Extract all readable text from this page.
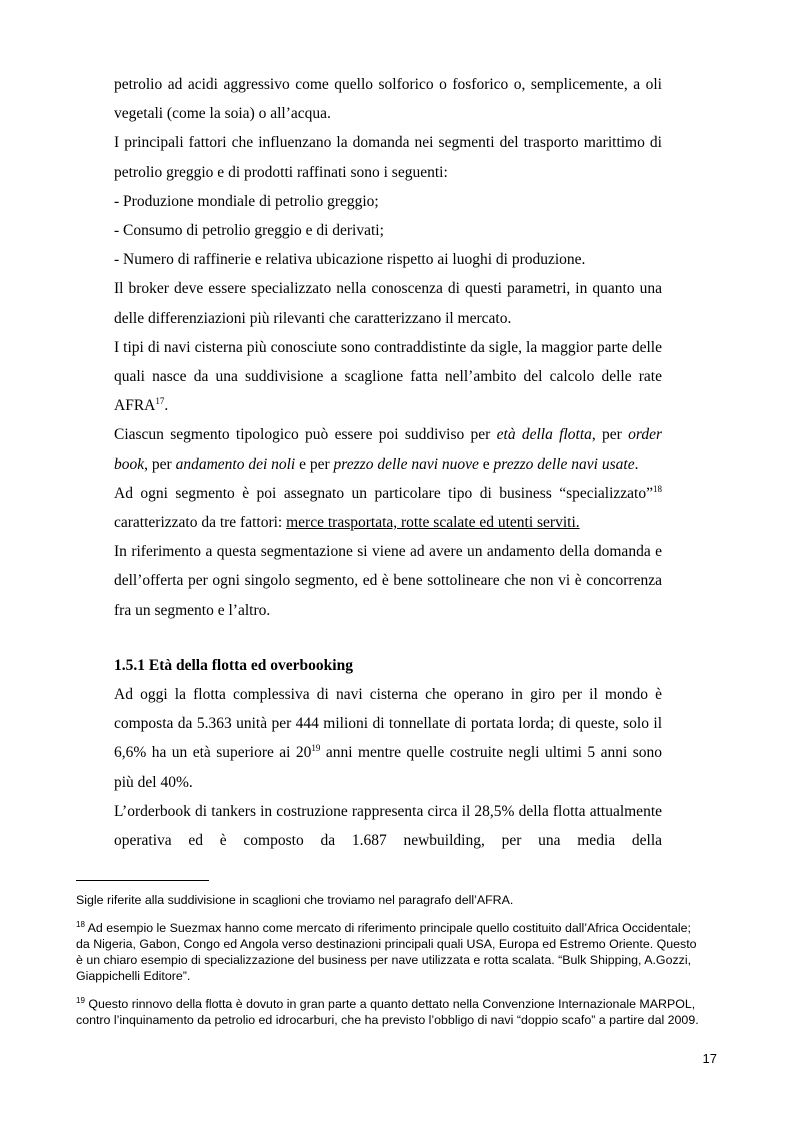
petrolio ad acidi aggressivo come quello solforico o fosforico o, semplicemente, a oli vegetali (come la soia) o all’acqua.

I principali fattori che influenzano la domanda nei segmenti del trasporto marittimo di petrolio greggio e di prodotti raffinati sono i seguenti:

- Produzione mondiale di petrolio greggio;

- Consumo di petrolio greggio e di derivati;

- Numero di raffinerie e relativa ubicazione rispetto ai luoghi di produzione.

Il broker deve essere specializzato nella conoscenza di questi parametri, in quanto una delle differenziazioni più rilevanti che caratterizzano il mercato.

I tipi di navi cisterna più conosciute sono contraddistinte da sigle, la maggior parte delle quali nasce da una suddivisione a scaglione fatta nell’ambito del calcolo delle rate AFRA$^{17}$.

Ciascun segmento tipologico può essere poi suddiviso per età della flotta, per order book, per andamento dei noli e per prezzo delle navi nuove e prezzo delle navi usate.

Ad ogni segmento è poi assegnato un particolare tipo di business “specializzato”$^{18}$ caratterizzato da tre fattori: merce trasportata, rotte scalate ed utenti serviti.

In riferimento a questa segmentazione si viene ad avere un andamento della domanda e dell’offerta per ogni singolo segmento, ed è bene sottolineare che non vi è concorrenza fra un segmento e l’altro.

1.5.1 Età della flotta ed overbooking

Ad oggi la flotta complessiva di navi cisterna che operano in giro per il mondo è composta da 5.363 unità per 444 milioni di tonnellate di portata lorda; di queste, solo il 6,6% ha un età superiore ai $20^{19}$ anni mentre quelle costruite negli ultimi 5 anni sono più del 40%.

L’orderbook di tankers in costruzione rappresenta circa il 28,5% della flotta attualmente operativa ed è composto da 1.687 newbuilding, per una media della

Sigle riferite alla suddivisione in scaglioni che troviamo nel paragrafo dell’AFRA.

$^{18}$ Ad esempio le Suezmax hanno come mercato di riferimento principale quello costituito dall’Africa Occidentale; da Nigeria, Gabon, Congo ed Angola verso destinazioni principali quali USA, Europa ed Estremo Oriente. Questo è un chiaro esempio di specializzazione del business per nave utilizzata e rotta scalata. “Bulk Shipping, A.Gozzi, Giappichelli Editore”.

$^{19}$ Questo rinnovo della flotta è dovuto in gran parte a quanto dettato nella Convenzione Internazionale MARPOL, contro l’inquinamento da petrolio ed idrocarburi, che ha previsto l’obbligo di navi “doppio scafo” a partire dal 2009.

17
